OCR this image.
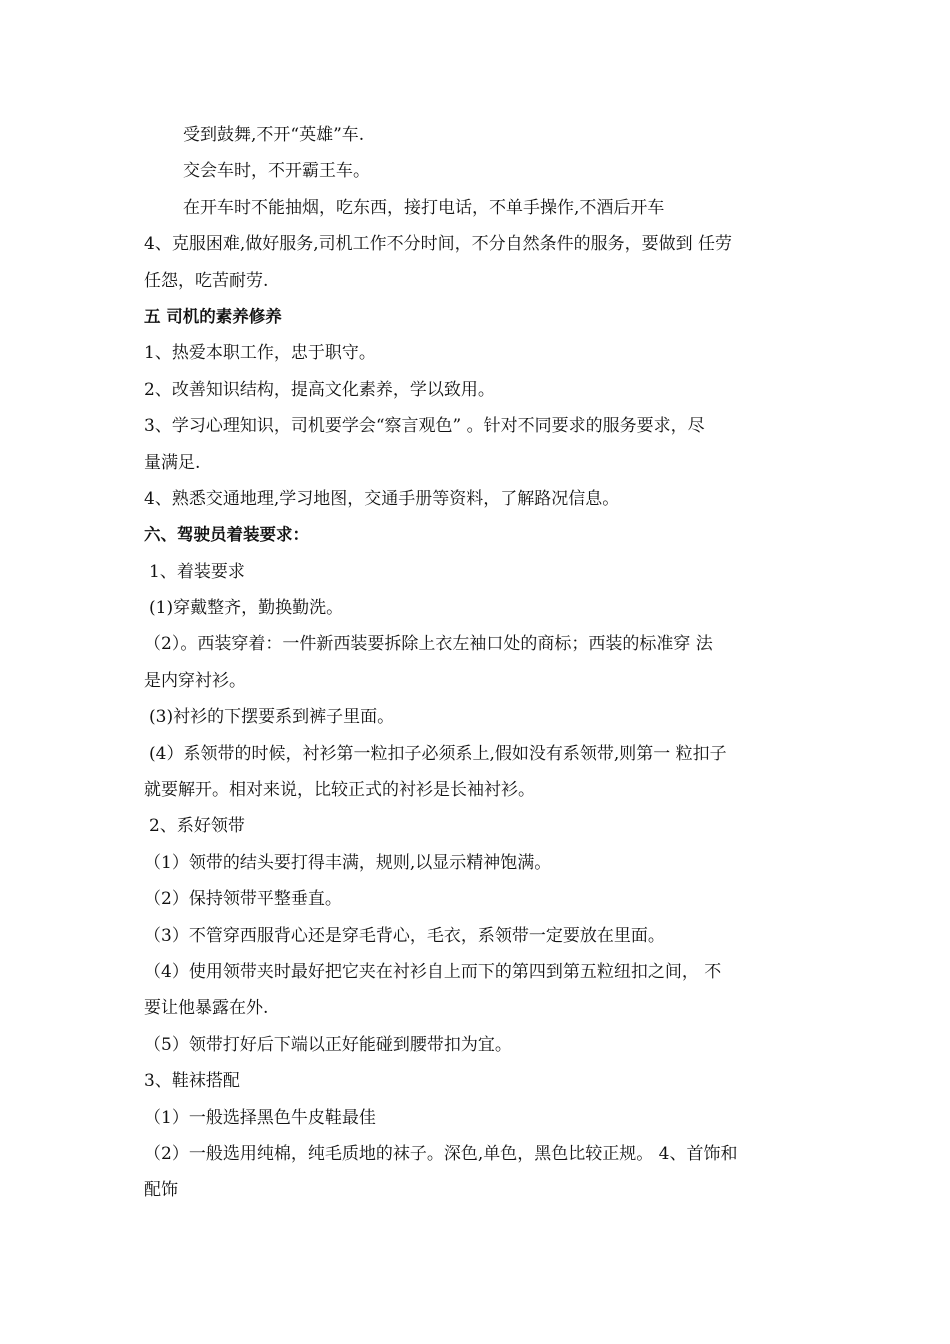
受到鼓舞,不开“英雄”车.
交会车时，不开霸王车。
在开车时不能抽烟，吃东西，接打电话，不单手操作,不酒后开车
4、克服困难,做好服务,司机工作不分时间，不分自然条件的服务，要做到 任劳
任怨，吃苦耐劳.
五 司机的素养修养
1、热爱本职工作，忠于职守。
2、改善知识结构，提高文化素养，学以致用。
3、学习心理知识，司机要学会“察言观色” 。针对不同要求的服务要求，尽
量满足.
4、熟悉交通地理,学习地图，交通手册等资料，了解路况信息。
六、驾驶员着装要求：
1、着装要求
(1)穿戴整齐，勤换勤洗。
（2）。西装穿着：一件新西装要拆除上衣左袖口处的商标；西装的标准穿 法
是内穿衬衫。
(3)衬衫的下摆要系到裤子里面。
(4）系领带的时候，衬衫第一粒扣子必须系上,假如没有系领带,则第一 粒扣子
就要解开。相对来说，比较正式的衬衫是长袖衬衫。
2、系好领带
（1）领带的结头要打得丰满，规则,以显示精神饱满。
（2）保持领带平整垂直。
（3）不管穿西服背心还是穿毛背心，毛衣，系领带一定要放在里面。
（4）使用领带夹时最好把它夹在衬衫自上而下的第四到第五粒纽扣之间， 不
要让他暴露在外.
（5）领带打好后下端以正好能碰到腰带扣为宜。
3、鞋袜搭配
（1）一般选择黑色牛皮鞋最佳
（2）一般选用纯棉，纯毛质地的袜子。深色,单色，黑色比较正规。 4、首饰和
配饰
